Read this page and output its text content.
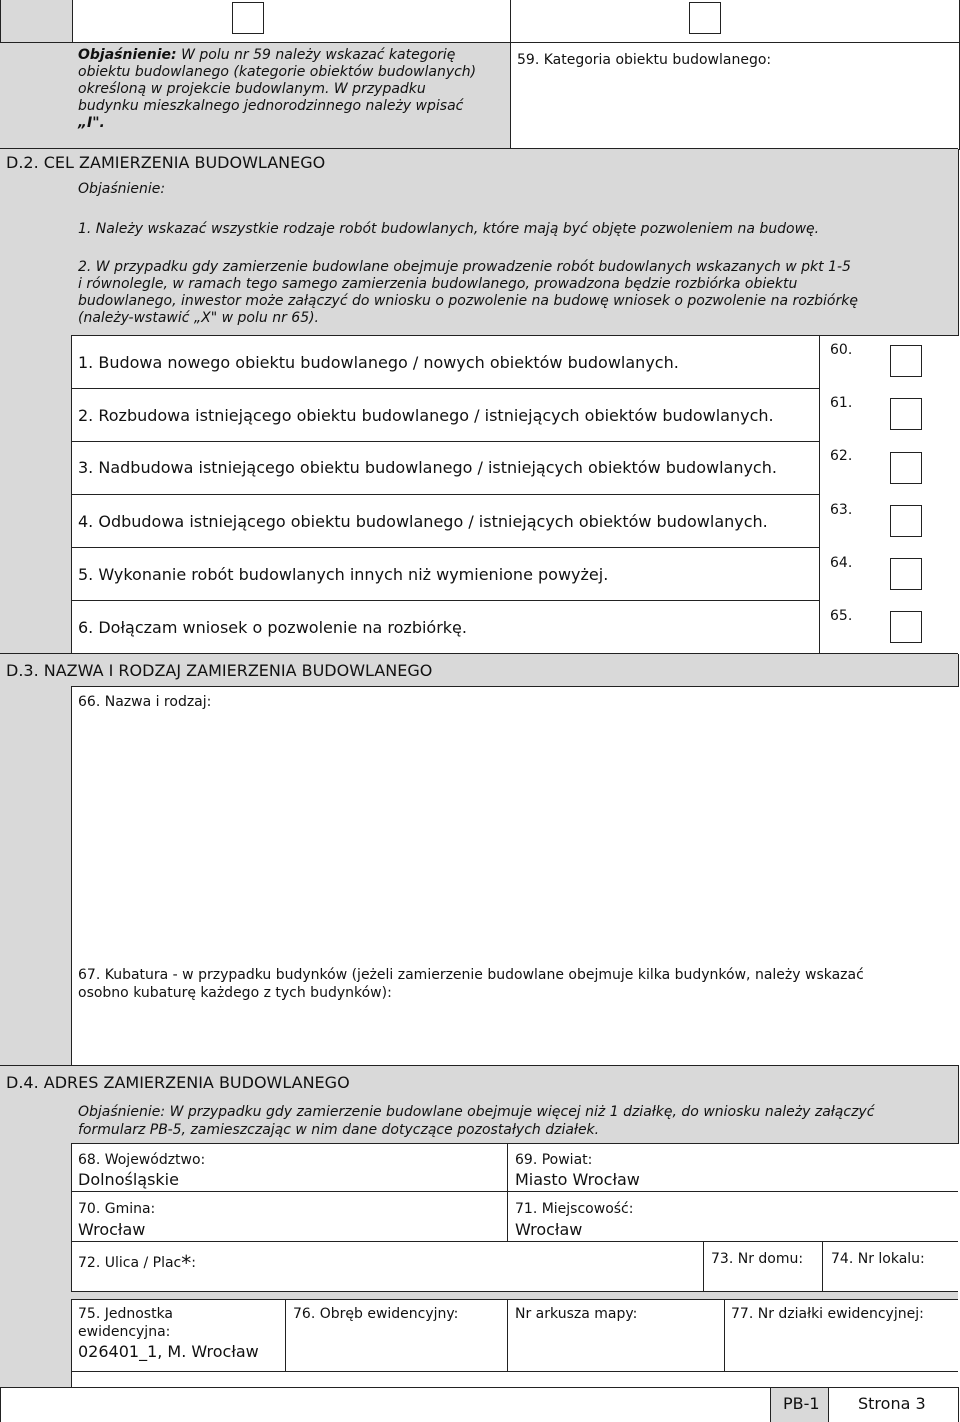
Objaśnienie: W polu nr 59 należy wskazać kategorię
obiektu budowlanego (kategorie obiektów budowlanych)
określoną w projekcie budowlanym. W przypadku
budynku mieszkalnego jednorodzinnego należy wpisać
„I".
59. Kategoria obiektu budowlanego:
D.2. CEL ZAMIERZENIA BUDOWLANEGO
Objaśnienie:
1. Należy wskazać wszystkie rodzaje robót budowlanych, które mają być objęte pozwoleniem na budowę.
2. W przypadku gdy zamierzenie budowlane obejmuje prowadzenie robót budowlanych wskazanych w pkt 1-5
i równolegle, w ramach tego samego zamierzenia budowlanego, prowadzona będzie rozbiórka obiektu
budowlanego, inwestor może załączyć do wniosku o pozwolenie na budowę wniosek o pozwolenie na rozbiórkę
(należy-wstawić „X" w polu nr 65).
1. Budowa nowego obiektu budowlanego / nowych obiektów budowlanych.
60.
2. Rozbudowa istniejącego obiektu budowlanego / istniejących obiektów budowlanych.
61.
3. Nadbudowa istniejącego obiektu budowlanego / istniejących obiektów budowlanych.
62.
4. Odbudowa istniejącego obiektu budowlanego / istniejących obiektów budowlanych.
63.
5. Wykonanie robót budowlanych innych niż wymienione powyżej.
64.
6. Dołączam wniosek o pozwolenie na rozbiórkę.
65.
D.3. NAZWA I RODZAJ ZAMIERZENIA BUDOWLANEGO
66. Nazwa i rodzaj:
67. Kubatura - w przypadku budynków (jeżeli zamierzenie budowlane obejmuje kilka budynków, należy wskazać
osobno kubaturę każdego z tych budynków):
D.4. ADRES ZAMIERZENIA BUDOWLANEGO
Objaśnienie: W przypadku gdy zamierzenie budowlane obejmuje więcej niż 1 działkę, do wniosku należy załączyć
formularz PB-5, zamieszczając w nim dane dotyczące pozostałych działek.
68. Województwo:
Dolnośląskie
69. Powiat:
Miasto Wrocław
70. Gmina:
Wrocław
71. Miejscowość:
Wrocław
72. Ulica / Plac*:	73. Nr domu: 74. Nr lokalu:
75. Jednostka
ewidencyjna:
026401_1, M. Wrocław
76. Obręb ewidencyjny:	Nr arkusza mapy:	77. Nr działki ewidencyjnej:
PB-1 Strona 3
